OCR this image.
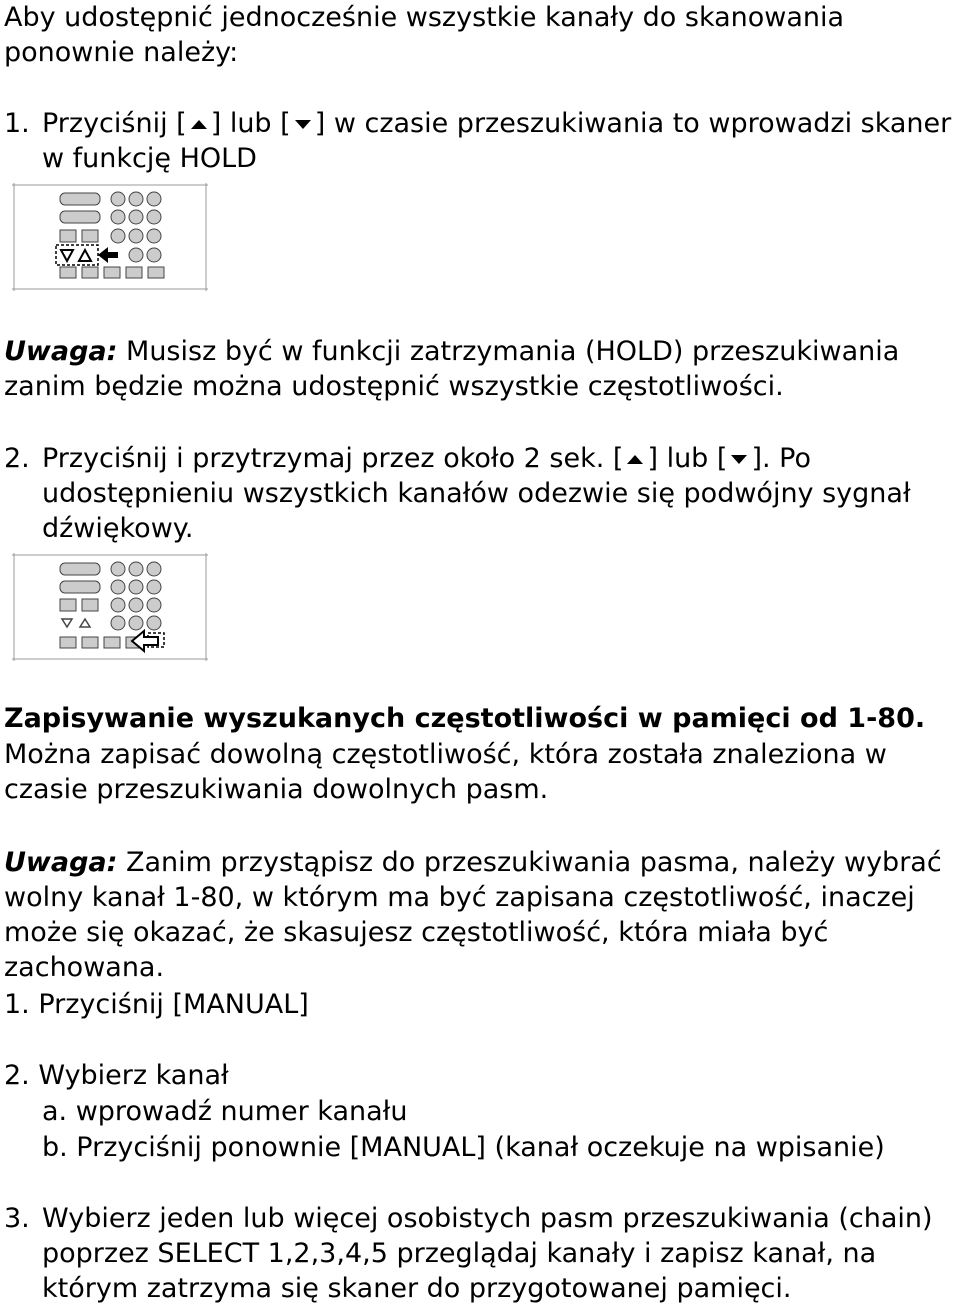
Aby udostępnić jednocześnie wszystkie kanały do skanowania ponownie należy:

1. Przyciśnij [ ] lub [ ] w czasie przeszukiwania to wprowadzi skaner w funkcję HOLD

Uwaga: Musisz być w funkcji zatrzymania (HOLD) przeszukiwania zanim będzie można udostępnić wszystkie częstotliwości.

2. Przyciśnij i przytrzymaj przez około 2 sek. [ ] lub [ ]. Po udostępnieniu wszystkich kanałów odezwie się podwójny sygnał dźwiękowy.

Zapisywanie wyszukanych częstotliwości w pamięci od 1-80.

Można zapisać dowolną częstotliwość, która została znaleziona w czasie przeszukiwania dowolnych pasm.

Uwaga: Zanim przystąpisz do przeszukiwania pasma, należy wybrać wolny kanał 1-80, w którym ma być zapisana częstotliwość, inaczej może się okazać, że skasujesz częstotliwość, która miała być zachowana.

1. Przyciśnij [MANUAL]

2. Wybierz kanał

a. wprowadź numer kanału

b. Przyciśnij ponownie [MANUAL] (kanał oczekuje na wpisanie)

3. Wybierz jeden lub więcej osobistych pasm przeszukiwania (chain) poprzez SELECT 1,2,3,4,5 przeglądaj kanały i zapisz kanał, na którym zatrzyma się skaner do przygotowanej pamięci.
